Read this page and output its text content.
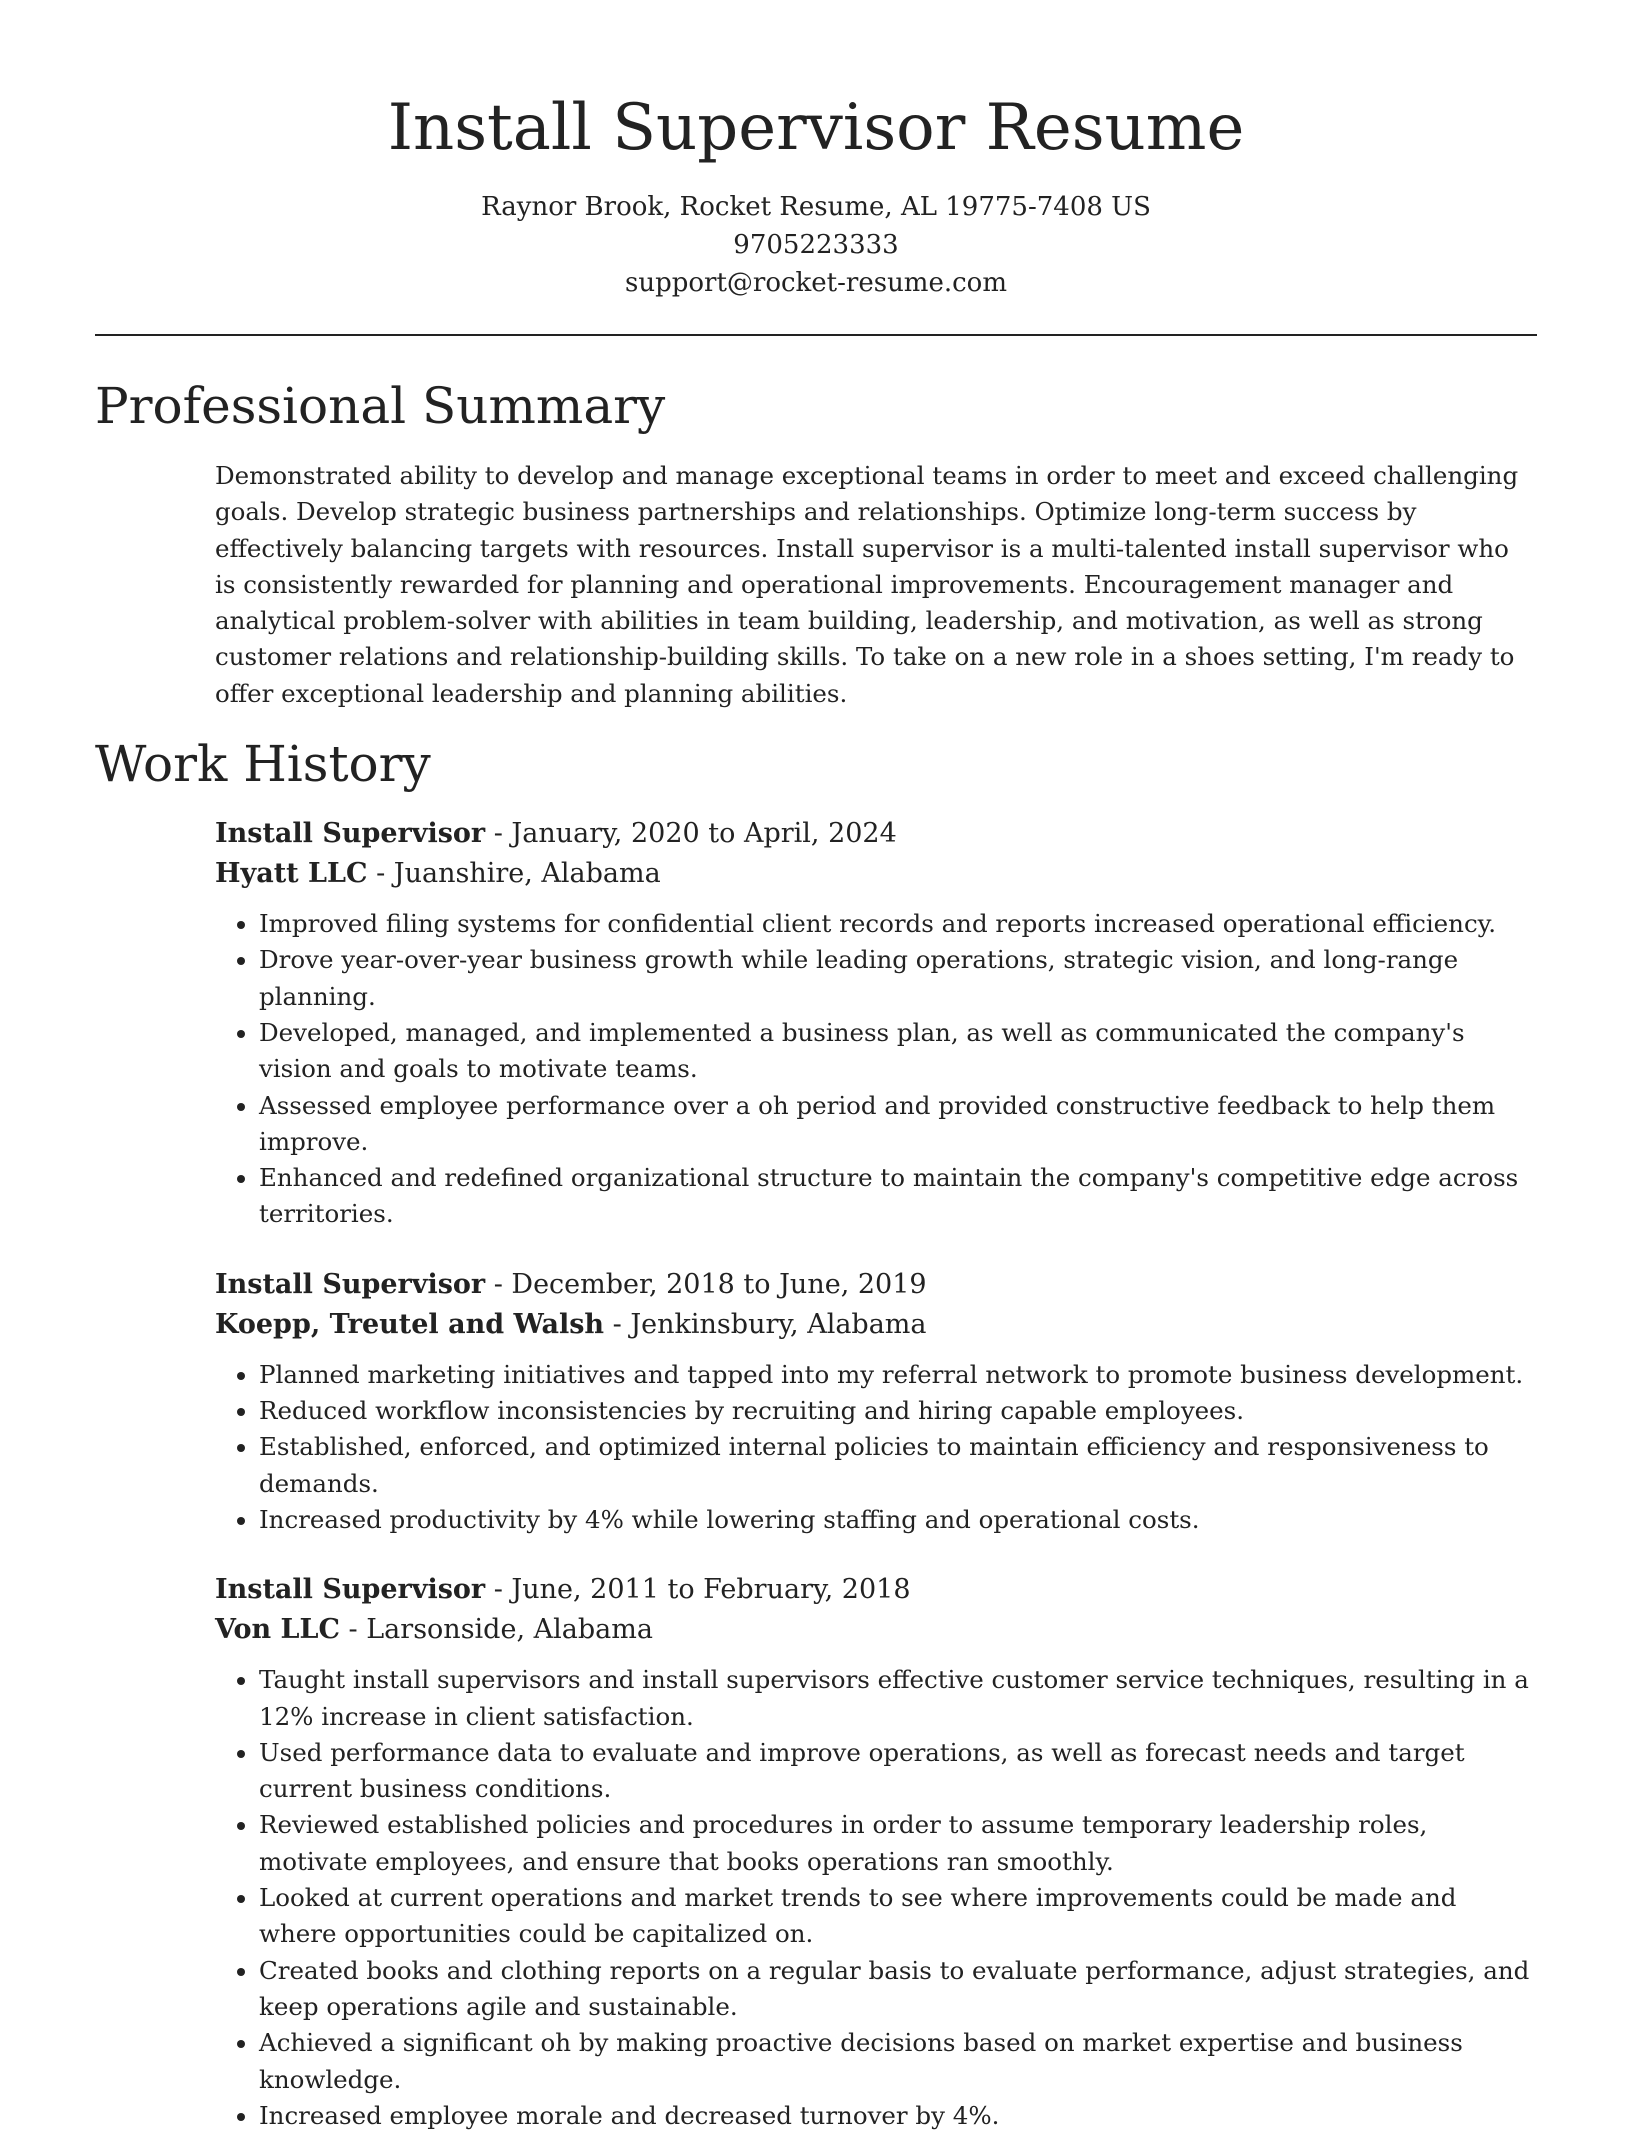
Install Supervisor Resume

Raynor Brook, Rocket Resume, AL 19775-7408 US

9705223333

support@rocket-resume.com

Professional Summary

Demonstrated ability to develop and manage exceptional teams in order to meet and exceed challenging goals. Develop strategic business partnerships and relationships. Optimize long-term success by effectively balancing targets with resources. Install supervisor is a multi-talented install supervisor who is consistently rewarded for planning and operational improvements. Encouragement manager and analytical problem-solver with abilities in team building, leadership, and motivation, as well as strong customer relations and relationship-building skills. To take on a new role in a shoes setting, I'm ready to offer exceptional leadership and planning abilities.

Work History

Install Supervisor - January, 2020 to April, 2024

Hyatt LLC - Juanshire, Alabama

• Improved filing systems for confidential client records and reports increased operational efficiency.
• Drove year-over-year business growth while leading operations, strategic vision, and long-range planning.
• Developed, managed, and implemented a business plan, as well as communicated the company's vision and goals to motivate teams.
• Assessed employee performance over a oh period and provided constructive feedback to help them improve.
• Enhanced and redefined organizational structure to maintain the company's competitive edge across territories.

Install Supervisor - December, 2018 to June, 2019

Koepp, Treutel and Walsh - Jenkinsbury, Alabama

• Planned marketing initiatives and tapped into my referral network to promote business development.
• Reduced workflow inconsistencies by recruiting and hiring capable employees.
• Established, enforced, and optimized internal policies to maintain efficiency and responsiveness to demands.
• Increased productivity by 4% while lowering staffing and operational costs.

Install Supervisor - June, 2011 to February, 2018

Von LLC - Larsonside, Alabama

• Taught install supervisors and install supervisors effective customer service techniques, resulting in a 12% increase in client satisfaction.
• Used performance data to evaluate and improve operations, as well as forecast needs and target current business conditions.
• Reviewed established policies and procedures in order to assume temporary leadership roles, motivate employees, and ensure that books operations ran smoothly.
• Looked at current operations and market trends to see where improvements could be made and where opportunities could be capitalized on.
• Created books and clothing reports on a regular basis to evaluate performance, adjust strategies, and keep operations agile and sustainable.
• Achieved a significant oh by making proactive decisions based on market expertise and business knowledge.
• Increased employee morale and decreased turnover by 4%.
